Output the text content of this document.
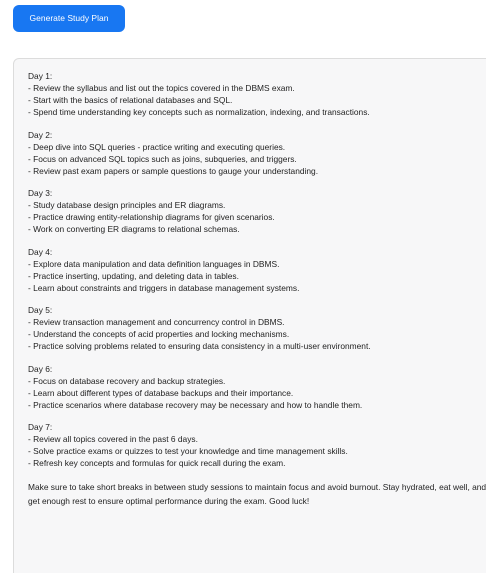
Generate Study Plan
Day 1:
- Review the syllabus and list out the topics covered in the DBMS exam.
- Start with the basics of relational databases and SQL.
- Spend time understanding key concepts such as normalization, indexing, and transactions.
Day 2:
- Deep dive into SQL queries - practice writing and executing queries.
- Focus on advanced SQL topics such as joins, subqueries, and triggers.
- Review past exam papers or sample questions to gauge your understanding.
Day 3:
- Study database design principles and ER diagrams.
- Practice drawing entity-relationship diagrams for given scenarios.
- Work on converting ER diagrams to relational schemas.
Day 4:
- Explore data manipulation and data definition languages in DBMS.
- Practice inserting, updating, and deleting data in tables.
- Learn about constraints and triggers in database management systems.
Day 5:
- Review transaction management and concurrency control in DBMS.
- Understand the concepts of acid properties and locking mechanisms.
- Practice solving problems related to ensuring data consistency in a multi-user environment.
Day 6:
- Focus on database recovery and backup strategies.
- Learn about different types of database backups and their importance.
- Practice scenarios where database recovery may be necessary and how to handle them.
Day 7:
- Review all topics covered in the past 6 days.
- Solve practice exams or quizzes to test your knowledge and time management skills.
- Refresh key concepts and formulas for quick recall during the exam.
Make sure to take short breaks in between study sessions to maintain focus and avoid burnout. Stay hydrated, eat well, and get enough rest to ensure optimal performance during the exam. Good luck!
